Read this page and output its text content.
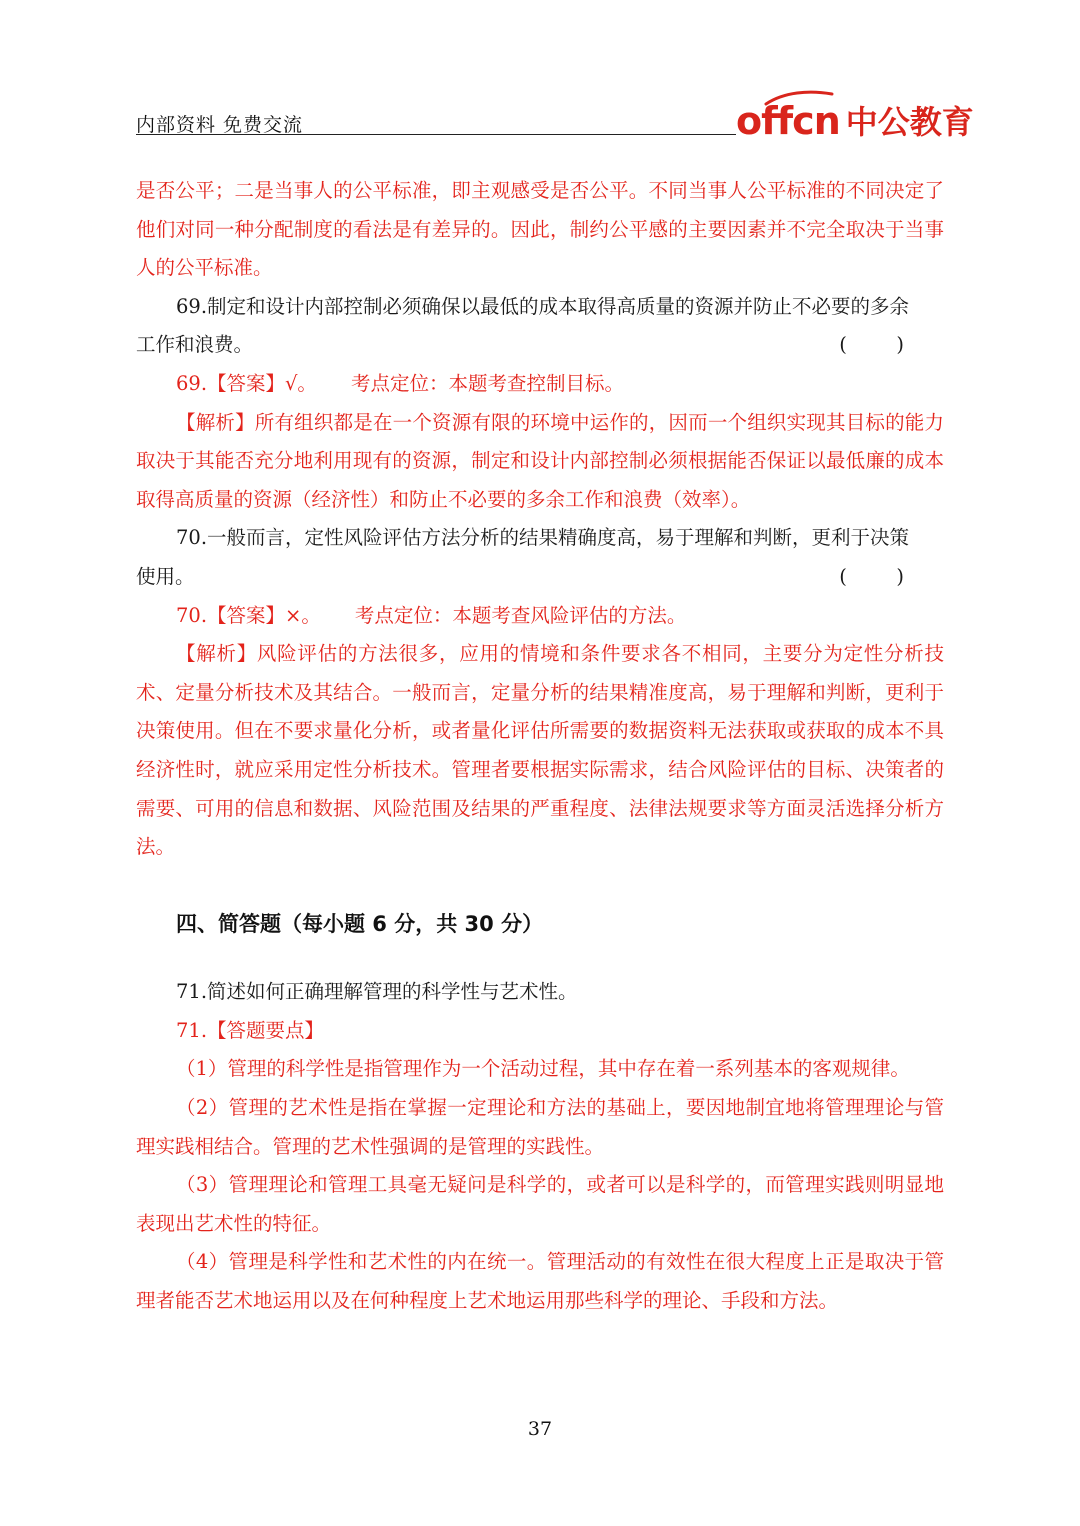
内部资料 免费交流	offcn 中公教育

是否公平；二是当事人的公平标准，即主观感受是否公平。不同当事人公平标准的不同决定了他们对同一种分配制度的看法是有差异的。因此，制约公平感的主要因素并不完全取决于当事人的公平标准。

69.制定和设计内部控制必须确保以最低的成本取得高质量的资源并防止不必要的多余

工作和浪费。	(        )

69.【答案】√。 考点定位：本题考查控制目标。

【解析】所有组织都是在一个资源有限的环境中运作的，因而一个组织实现其目标的能力取决于其能否充分地利用现有的资源，制定和设计内部控制必须根据能否保证以最低廉的成本取得高质量的资源（经济性）和防止不必要的多余工作和浪费（效率）。

70.一般而言，定性风险评估方法分析的结果精确度高，易于理解和判断，更利于决策

使用。	(        )

70.【答案】×。 考点定位：本题考查风险评估的方法。

【解析】风险评估的方法很多，应用的情境和条件要求各不相同，主要分为定性分析技术、定量分析技术及其结合。一般而言，定量分析的结果精准度高，易于理解和判断，更利于决策使用。但在不要求量化分析，或者量化评估所需要的数据资料无法获取或获取的成本不具经济性时，就应采用定性分析技术。管理者要根据实际需求，结合风险评估的目标、决策者的需要、可用的信息和数据、风险范围及结果的严重程度、法律法规要求等方面灵活选择分析方法。

四、简答题（每小题 6 分，共 30 分）

71.简述如何正确理解管理的科学性与艺术性。

71.【答题要点】

（1）管理的科学性是指管理作为一个活动过程，其中存在着一系列基本的客观规律。

（2）管理的艺术性是指在掌握一定理论和方法的基础上，要因地制宜地将管理理论与管理实践相结合。管理的艺术性强调的是管理的实践性。

（3）管理理论和管理工具毫无疑问是科学的，或者可以是科学的，而管理实践则明显地表现出艺术性的特征。

（4）管理是科学性和艺术性的内在统一。管理活动的有效性在很大程度上正是取决于管理者能否艺术地运用以及在何种程度上艺术地运用那些科学的理论、手段和方法。

37
